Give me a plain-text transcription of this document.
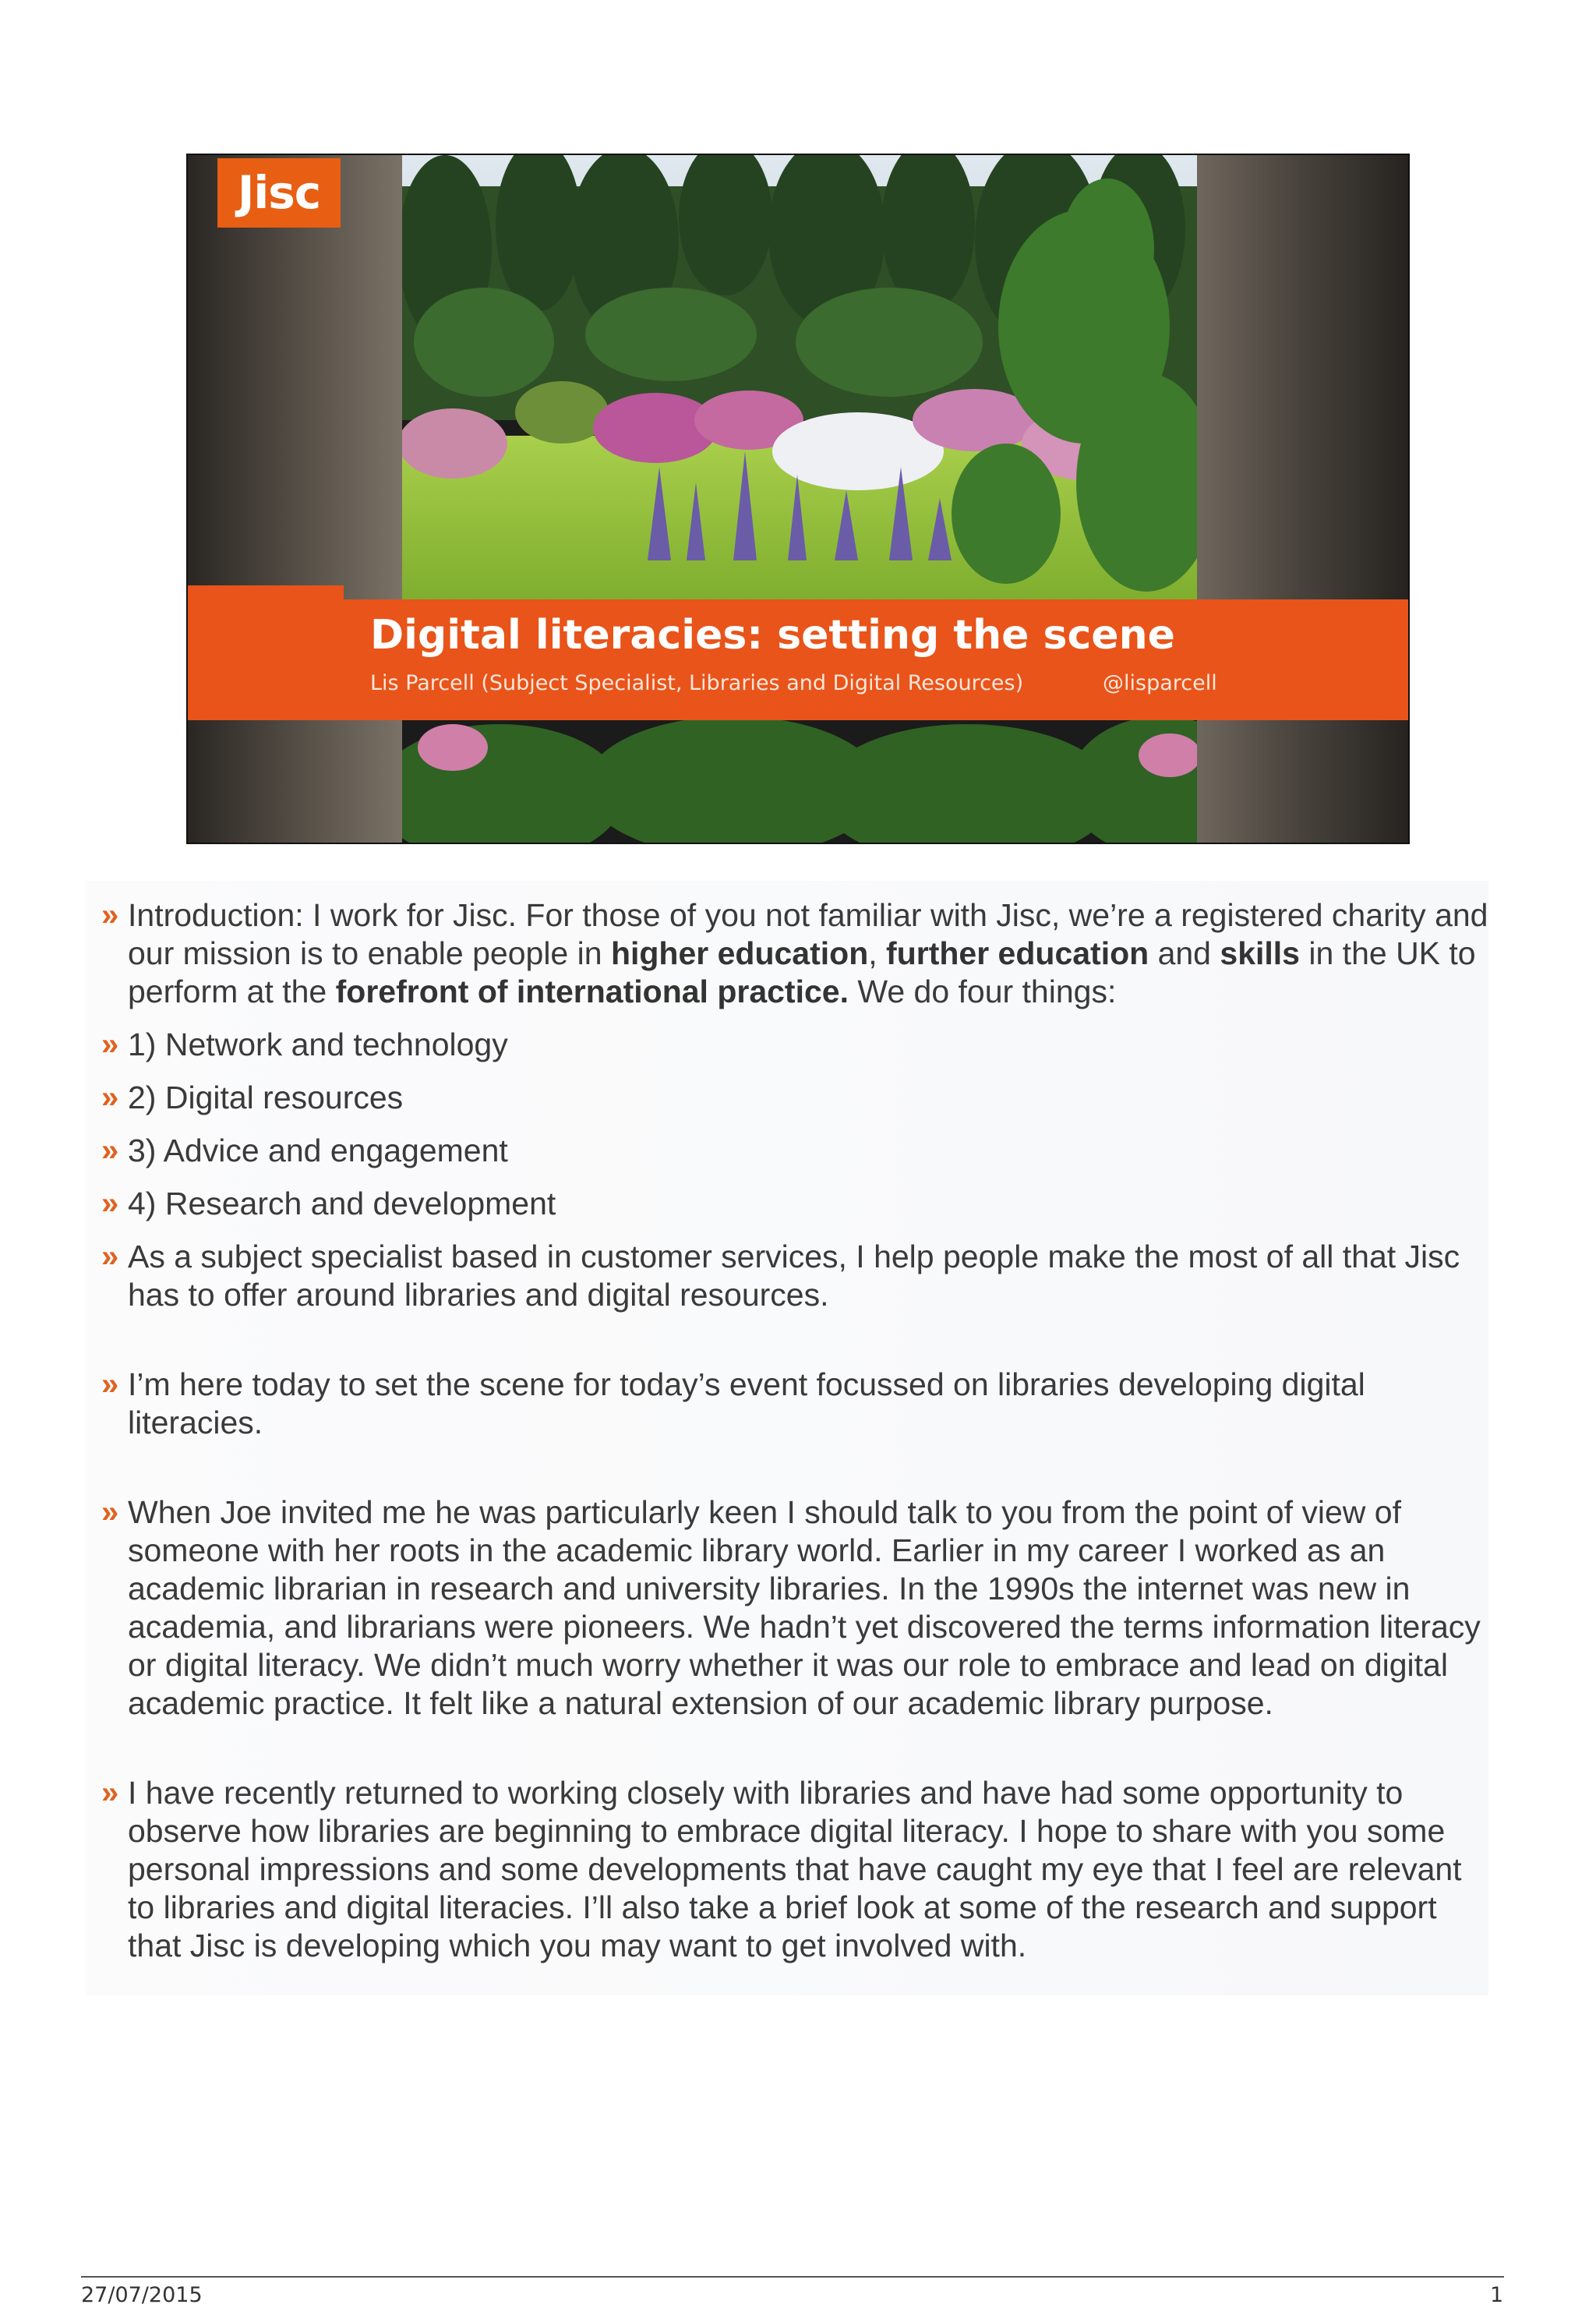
Jisc
Digital literacies: setting the scene
Lis Parcell (Subject Specialist, Libraries and Digital Resources)	@lisparcell
» Introduction: I work for Jisc. For those of you not familiar with Jisc, we’re a registered charity and our mission is to enable people in higher education, further education and skills in the UK to perform at the forefront of international practice. We do four things:
» 1) Network and technology
» 2) Digital resources
» 3) Advice and engagement
» 4) Research and development
» As a subject specialist based in customer services, I help people make the most of all that Jisc has to offer around libraries and digital resources.
» I’m here today to set the scene for today’s event focussed on libraries developing digital literacies.
» When Joe invited me he was particularly keen I should talk to you from the point of view of someone with her roots in the academic library world. Earlier in my career I worked as an academic librarian in research and university libraries. In the 1990s the internet was new in academia, and librarians were pioneers. We hadn’t yet discovered the terms information literacy or digital literacy. We didn’t much worry whether it was our role to embrace and lead on digital academic practice. It felt like a natural extension of our academic library purpose.
» I have recently returned to working closely with libraries and have had some opportunity to observe how libraries are beginning to embrace digital literacy. I hope to share with you some personal impressions and some developments that have caught my eye that I feel are relevant to libraries and digital literacies. I’ll also take a brief look at some of the research and support that Jisc is developing which you may want to get involved with.
27/07/2015	1
